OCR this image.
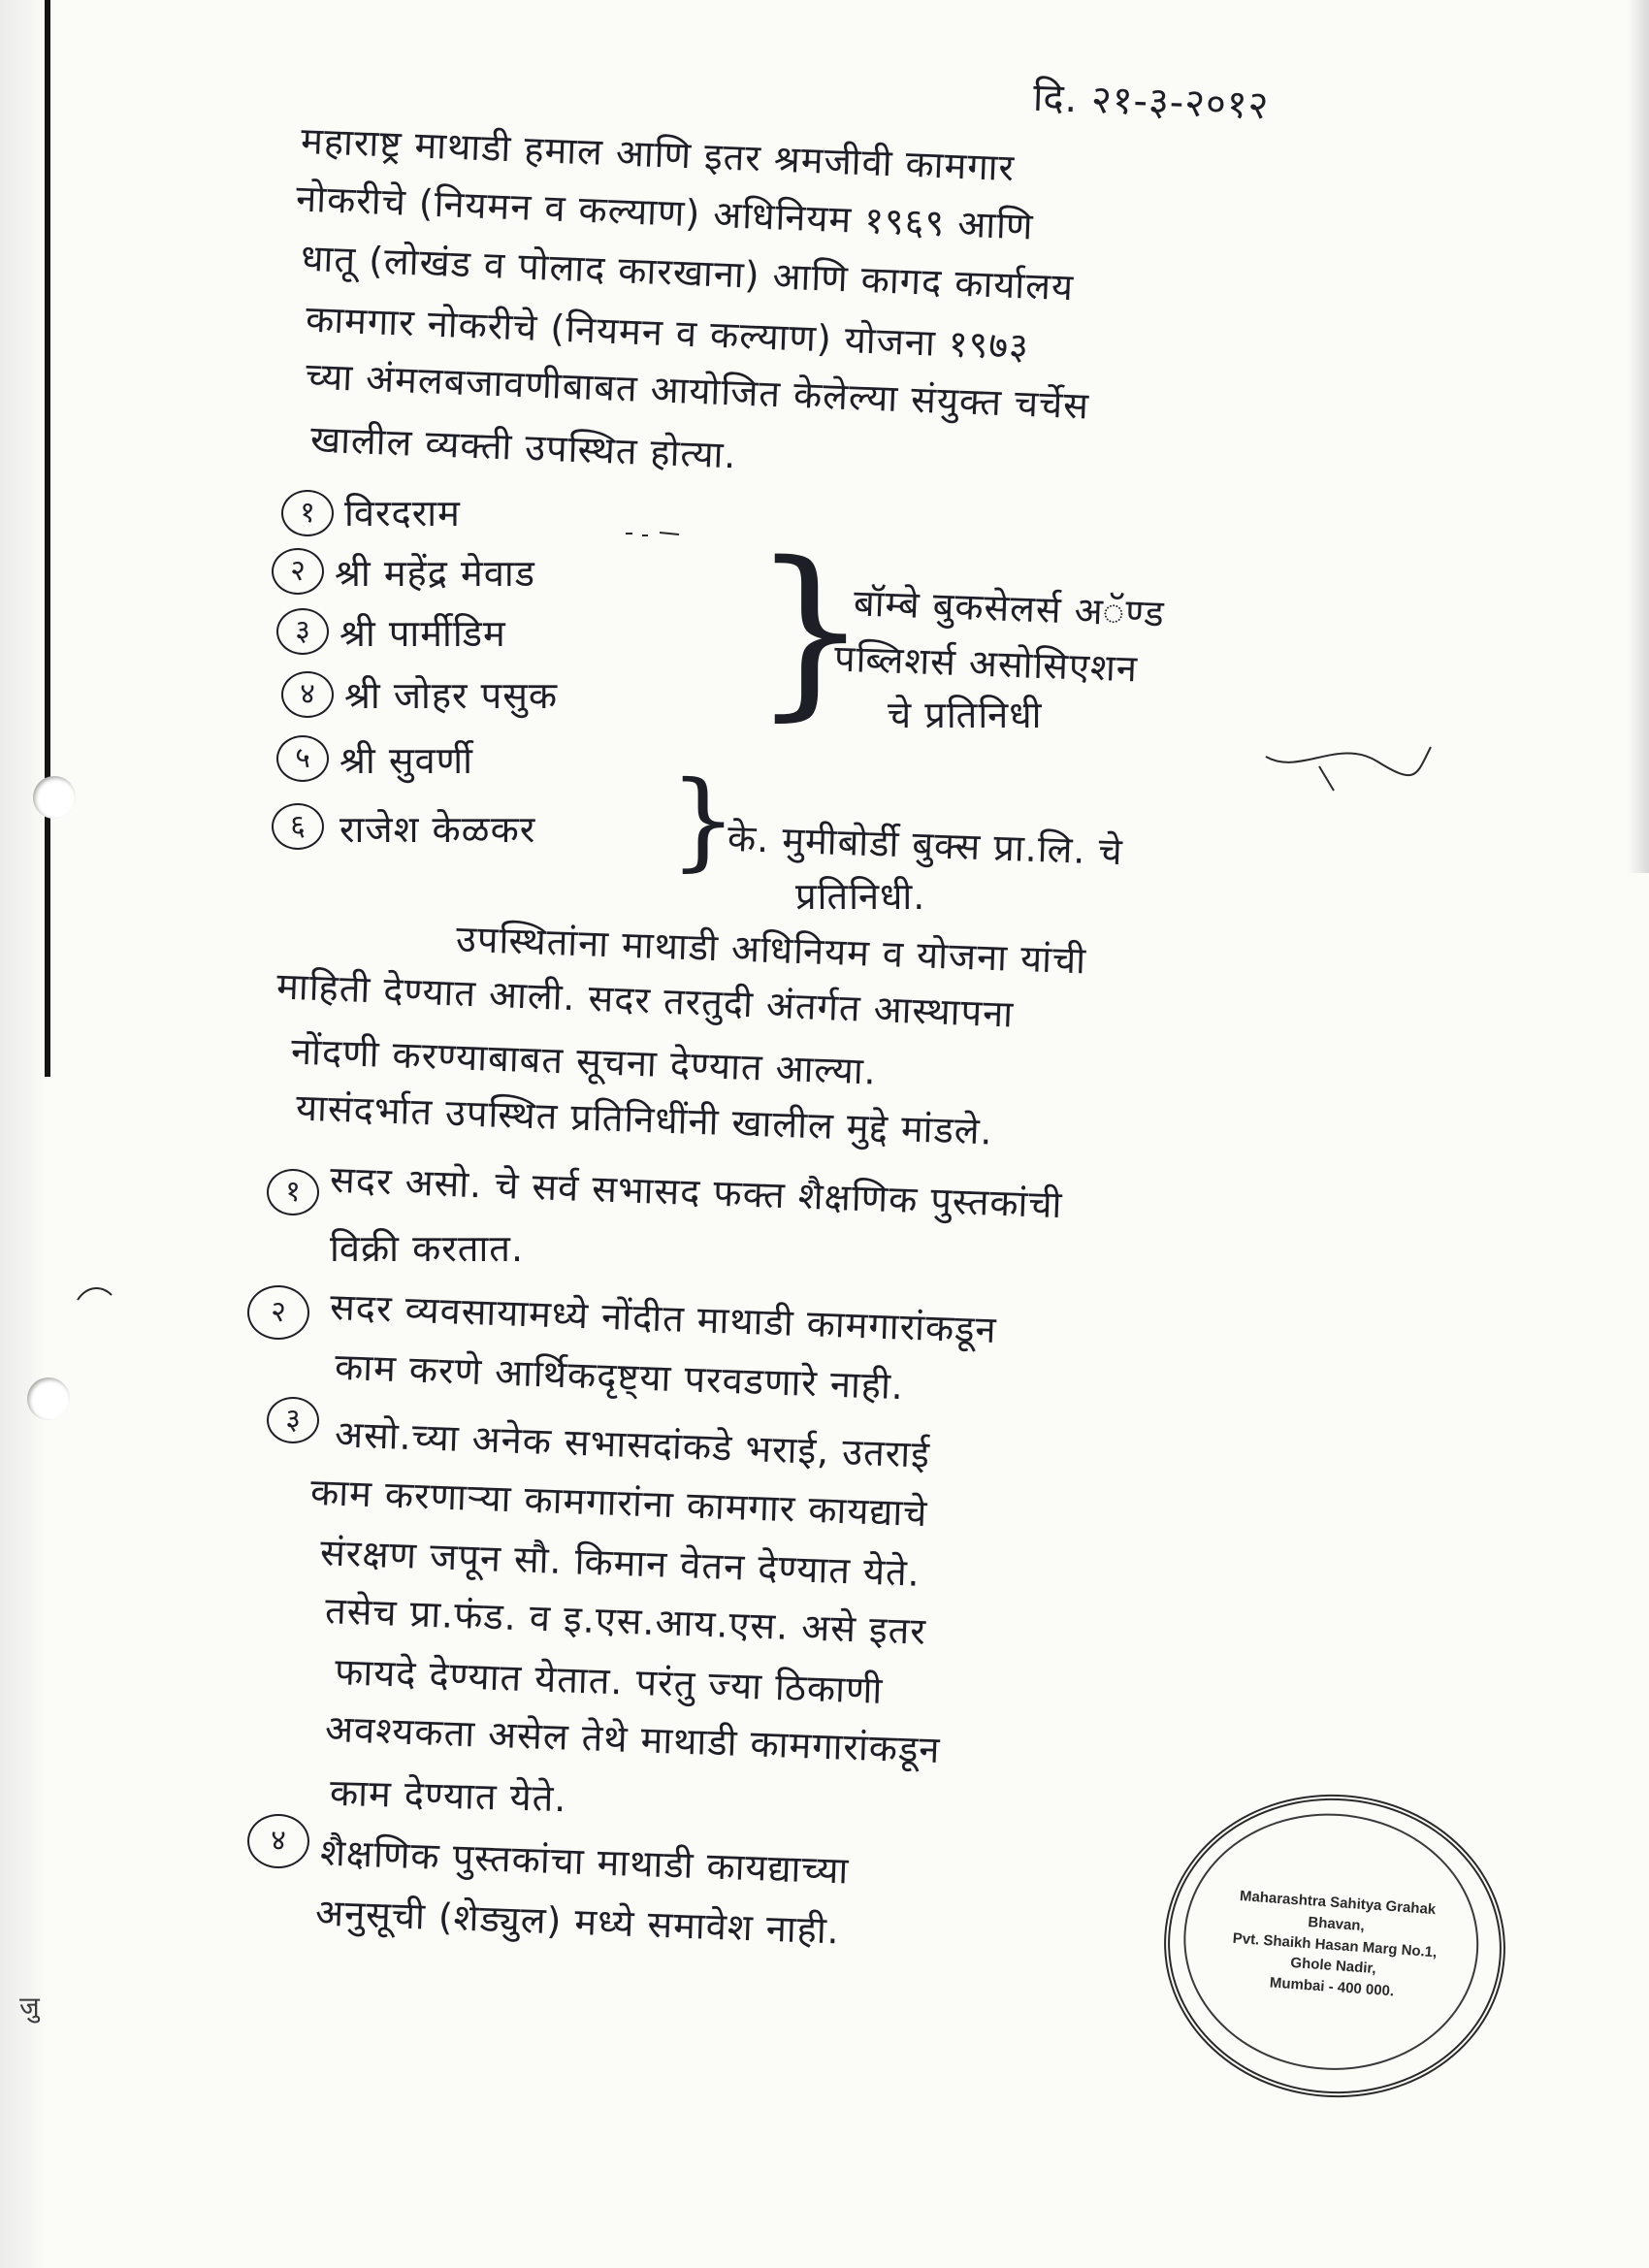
दि. २१-३-२०१२
महाराष्ट्र माथाडी हमाल आणि इतर श्रमजीवी कामगार
नोकरीचे (नियमन व कल्याण) अधिनियम १९६९ आणि
धातू (लोखंड व पोलाद कारखाना) आणि कागद कार्यालय
कामगार नोकरीचे (नियमन व कल्याण) योजना १९७३
च्या अंमलबजावणीबाबत आयोजित केलेल्या संयुक्त चर्चेस
खालील व्यक्ती उपस्थित होत्या.
१ विरदराम
२ श्री महेंद्र मेवाड
३ श्री पार्मीडिम
४ श्री जोहर पसुक
५ श्री सुवर्णी
६ राजेश केळकर
}
}
बॉम्बे बुकसेलर्स अॅण्ड
पब्लिशर्स असोसिएशन
चे प्रतिनिधी
के. मुमीबोर्डी बुक्स प्रा.लि. चे
प्रतिनिधी.
उपस्थितांना माथाडी अधिनियम व योजना यांची
माहिती देण्यात आली. सदर तरतुदी अंतर्गत आस्थापना
नोंदणी करण्याबाबत सूचना देण्यात आल्या.
यासंदर्भात उपस्थित प्रतिनिधींनी खालील मुद्दे मांडले.
१ सदर असो. चे सर्व सभासद फक्त शैक्षणिक पुस्तकांची
विक्री करतात.
२	सदर व्यवसायामध्ये नोंदीत माथाडी कामगारांकडून
काम करणे आर्थिकदृष्ट्या परवडणारे नाही.
३ असो.च्या अनेक सभासदांकडे भराई, उतराई
काम करणाऱ्या कामगारांना कामगार कायद्याचे
संरक्षण जपून सौ. किमान वेतन देण्यात येते.
तसेच प्रा.फंड. व इ.एस.आय.एस. असे इतर
फायदे देण्यात येतात. परंतु ज्या ठिकाणी
अवश्यकता असेल तेथे माथाडी कामगारांकडून
काम देण्यात येते.
४ शैक्षणिक पुस्तकांचा माथाडी कायद्याच्या
अनुसूची (शेड्युल) मध्ये समावेश नाही.
जु
Maharashtra Sahitya Grahak
Bhavan,
Pvt. Shaikh Hasan Marg No.1,
Ghole Nadir,
Mumbai - 400 000.
